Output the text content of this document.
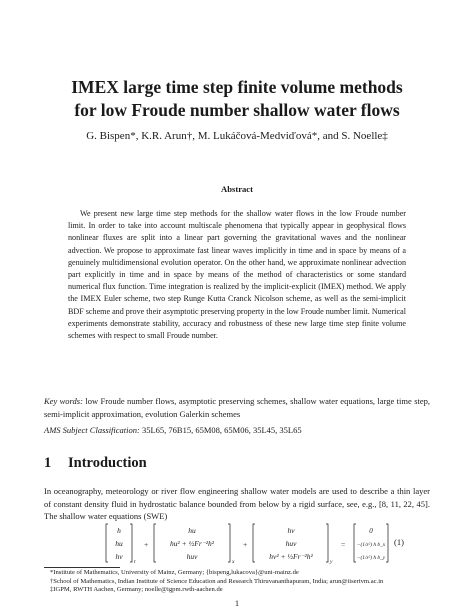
IMEX large time step finite volume methods
for low Froude number shallow water flows
G. Bispen*, K.R. Arun†, M. Lukáčová-Medviďová*, and S. Noelle‡
Abstract
We present new large time step methods for the shallow water flows in the low Froude number limit. In order to take into account multiscale phenomena that typically appear in geophysical flows nonlinear fluxes are split into a linear part governing the gravitational waves and the nonlinear advection. We propose to approximate fast linear waves implicitly in time and in space by means of a genuinely multidimensional evolution operator. On the other hand, we approximate nonlinear advection part explicitly in time and in space by means of the method of characteristics or some standard numerical flux function. Time integration is realized by the implicit-explicit (IMEX) method. We apply the IMEX Euler scheme, two step Runge Kutta Cranck Nicolson scheme, as well as the semi-implicit BDF scheme and prove their asymptotic preserving property in the low Froude number limit. Numerical experiments demonstrate stability, accuracy and robustness of these new large time step finite volume schemes with respect to small Froude number.
Key words: low Froude number flows, asymptotic preserving schemes, shallow water equations, large time step, semi-implicit approximation, evolution Galerkin schemes
AMS Subject Classification: 35L65, 76B15, 65M08, 65M06, 35L45, 35L65
1 Introduction
In oceanography, meteorology or river flow engineering shallow water models are used to describe a thin layer of constant density fluid in hydrostatic balance bounded from below by a rigid surface, see, e.g., [8, 11, 22, 45]. The shallow water equations (SWE)
h
hu
hv
t
+
hu
hu² + ½Fr⁻²h²
huv
x
+
hv
huv
hv² + ½Fr⁻²h²
y
=
0
−(1/ε²) h b_x
−(1/ε²) h b_y
(1)
*Institute of Mathematics, University of Mainz, Germany; {bispeng,lukacova}@uni-mainz.de
†School of Mathematics, Indian Institute of Science Education and Research Thiruvananthapuram, India; arun@iisertvm.ac.in
‡IGPM, RWTH Aachen, Germany; noelle@igpm.rwth-aachen.de
1
